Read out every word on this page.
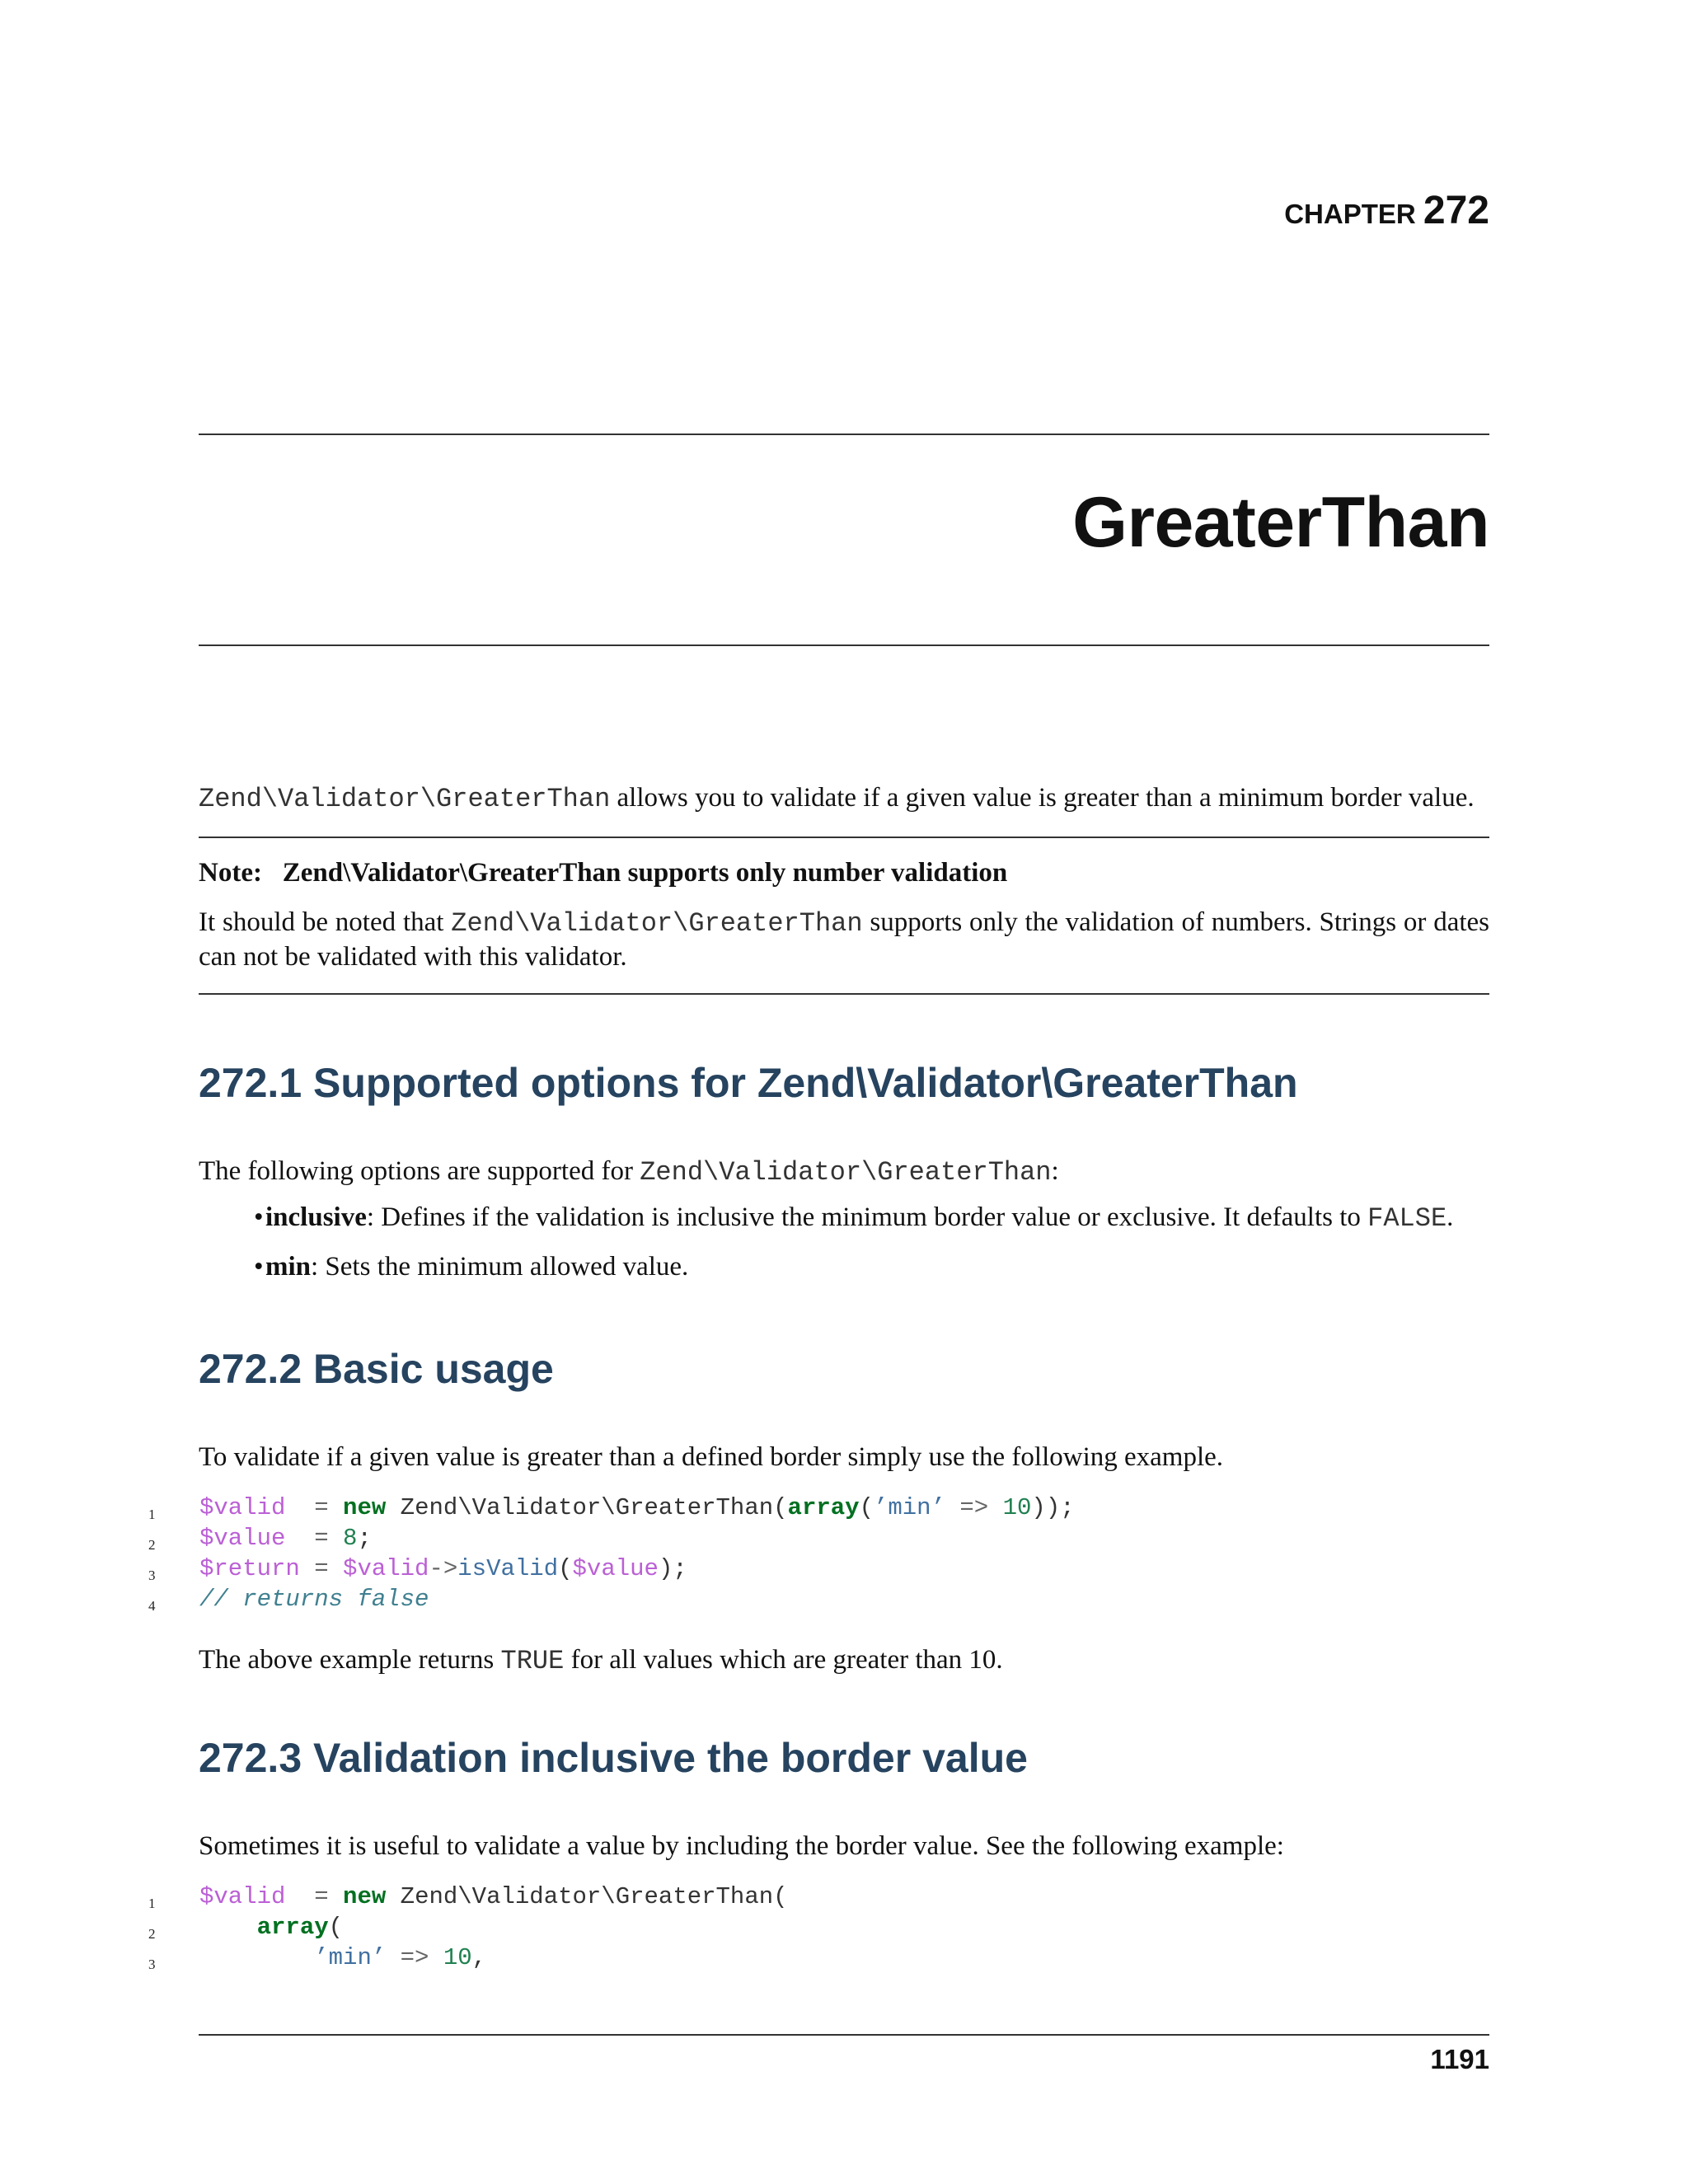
CHAPTER 272
GreaterThan
Zend\Validator\GreaterThan allows you to validate if a given value is greater than a minimum border value.
Note: Zend\Validator\GreaterThan supports only number validation
It should be noted that Zend\Validator\GreaterThan supports only the validation of numbers. Strings or dates can not be validated with this validator.
272.1 Supported options for Zend\Validator\GreaterThan
The following options are supported for Zend\Validator\GreaterThan:
• inclusive: Defines if the validation is inclusive the minimum border value or exclusive. It defaults to FALSE.
• min: Sets the minimum allowed value.
272.2 Basic usage
To validate if a given value is greater than a defined border simply use the following example.
1	$valid  = new Zend\Validator\GreaterThan(array(’min’ => 10));
2	$value  = 8;
3	$return = $valid->isValid($value);
4	// returns false
The above example returns TRUE for all values which are greater than 10.
272.3 Validation inclusive the border value
Sometimes it is useful to validate a value by including the border value. See the following example:
1	$valid  = new Zend\Validator\GreaterThan(
2	array(
3	’min’ => 10,
1191
